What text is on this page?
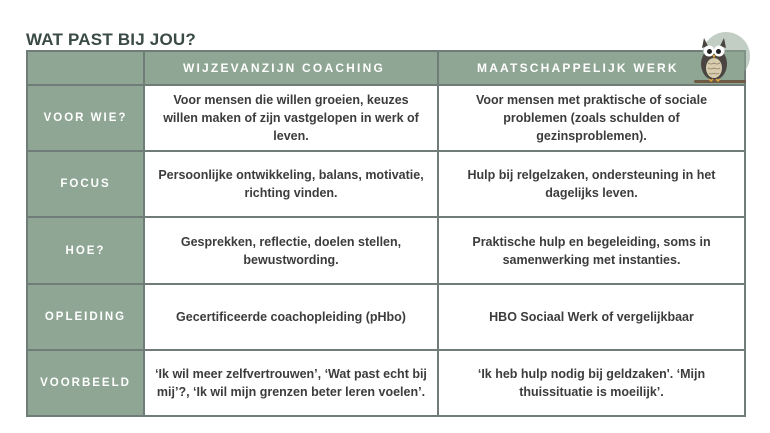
WAT PAST BIJ JOU?
	WIJZEVANZIJN COACHING	MAATSCHAPPELIJK WERK
VOOR WIE?	Voor mensen die willen groeien, keuzes willen maken of zijn vastgelopen in werk of leven.	Voor mensen met praktische of sociale problemen (zoals schulden of gezinsproblemen).
FOCUS	Persoonlijke ontwikkeling, balans, motivatie, richting vinden.	Hulp bij relgelzaken, ondersteuning in het dagelijks leven.
HOE?	Gesprekken, reflectie, doelen stellen, bewustwording.	Praktische hulp en begeleiding, soms in samenwerking met instanties.
OPLEIDING	Gecertificeerde coachopleiding (pHbo)	HBO Sociaal Werk of vergelijkbaar
VOORBEELD	‘Ik wil meer zelfvertrouwen’, ‘Wat past echt bij mij’?, ‘Ik wil mijn grenzen beter leren voelen’.	‘Ik heb hulp nodig bij geldzaken'. ‘Mijn thuissituatie is moeilijk’.
